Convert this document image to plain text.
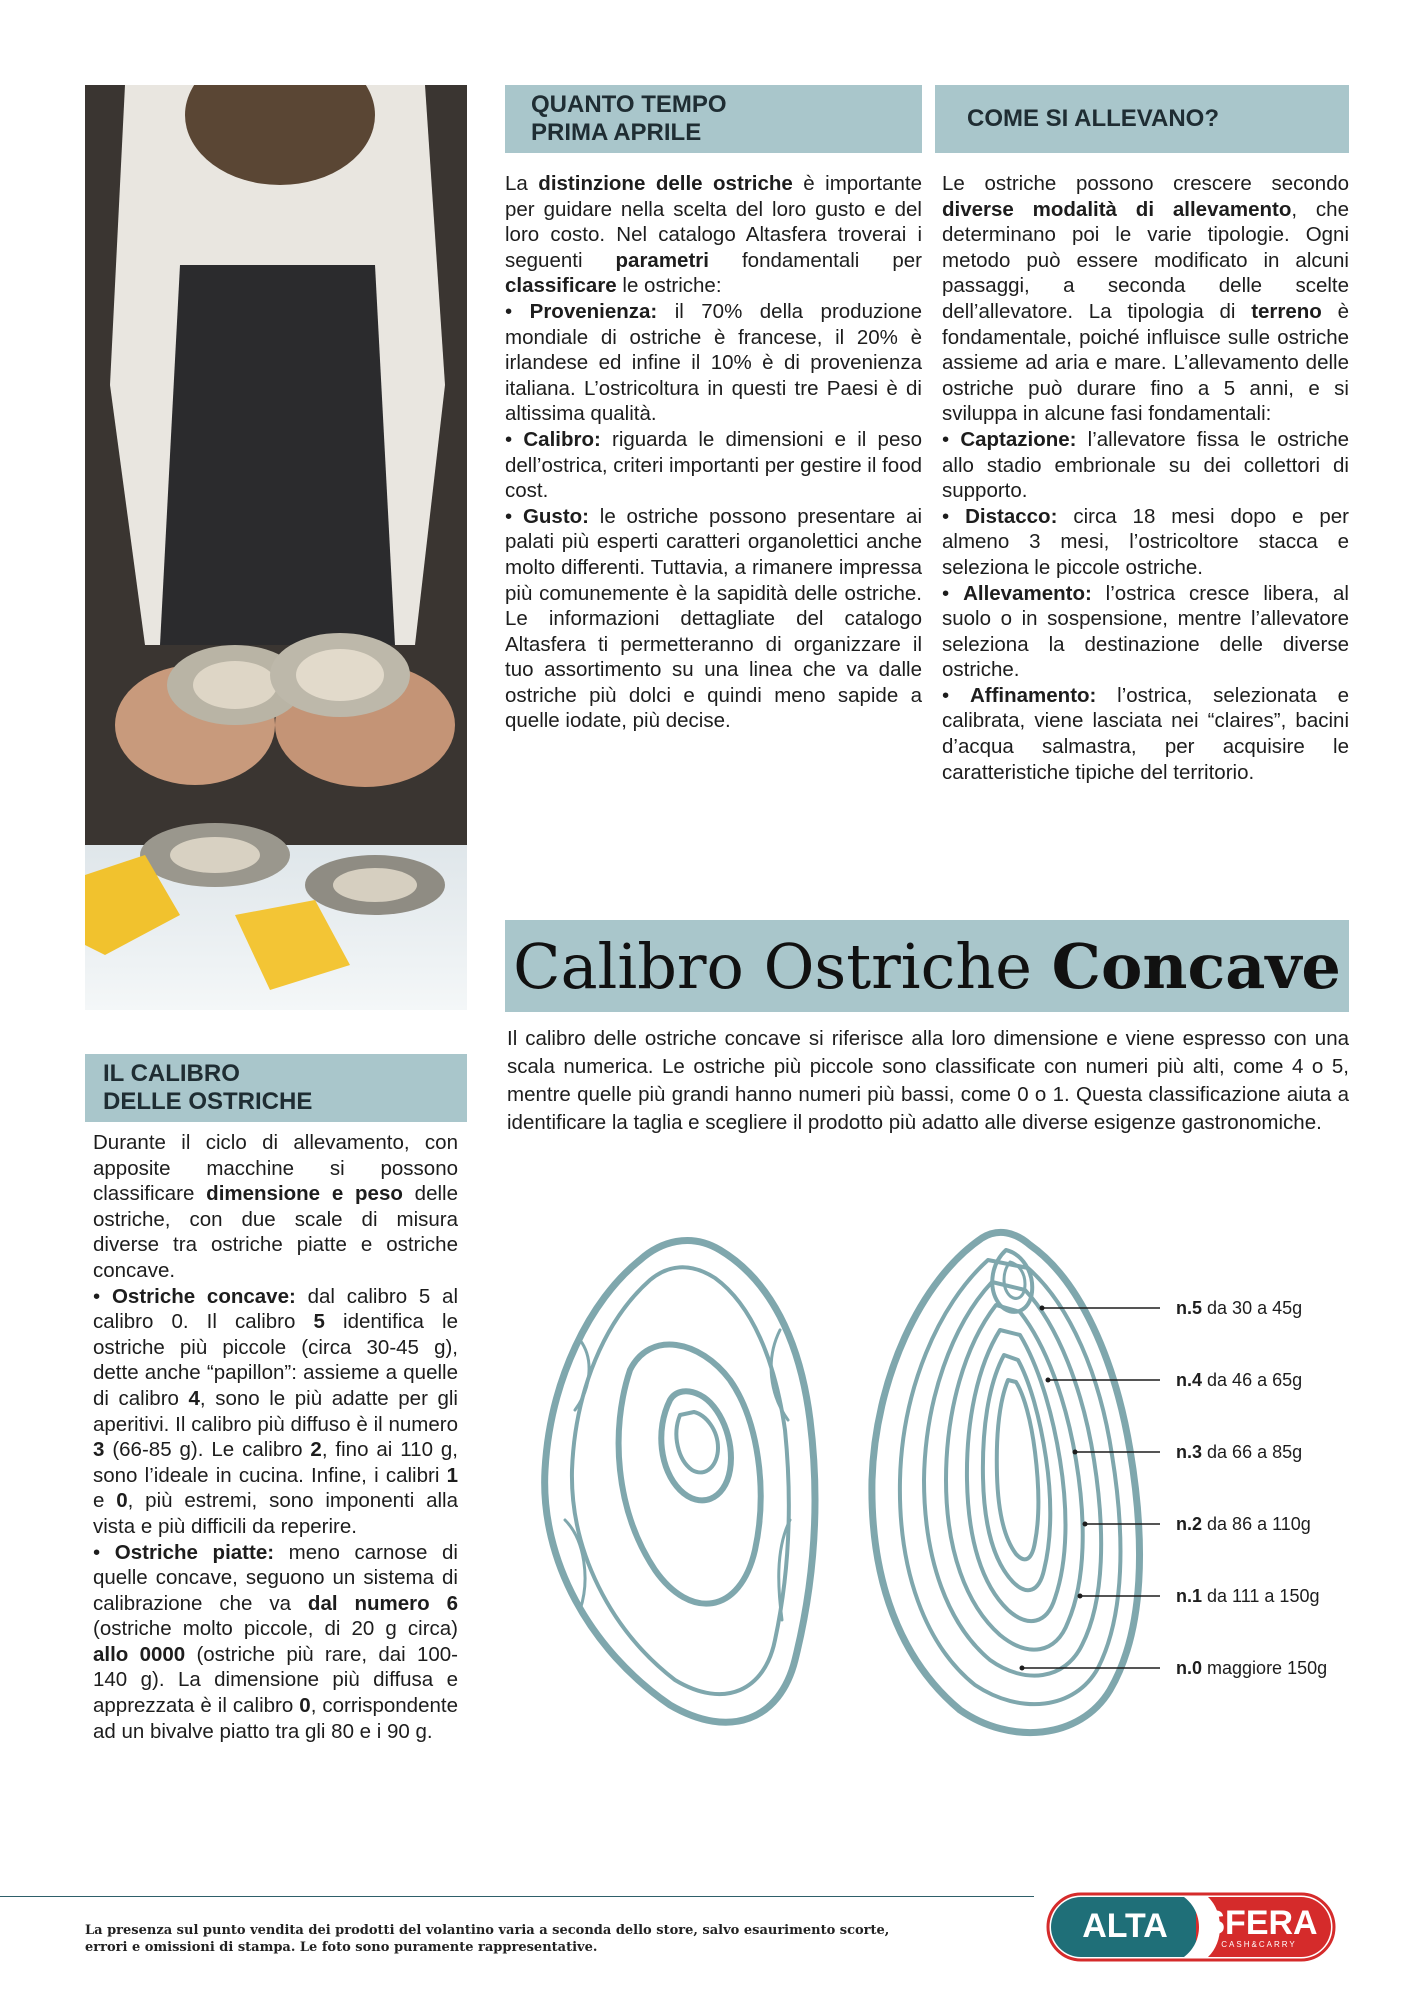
QUANTO TEMPO
PRIMA APRILE
COME SI ALLEVANO?

La distinzione delle ostriche è importante per guidare nella scelta del loro gusto e del loro costo. Nel catalogo Altasfera troverai i seguenti parametri fondamentali per classificare le ostriche:

• Provenienza: il 70% della produzione mondiale di ostriche è francese, il 20% è irlandese ed infine il 10% è di provenienza italiana. L’ostricoltura in questi tre Paesi è di altissima qualità.

• Calibro: riguarda le dimensioni e il peso dell’ostrica, criteri importanti per gestire il food cost.

• Gusto: le ostriche possono presentare ai palati più esperti caratteri organolettici anche molto differenti. Tuttavia, a rimanere impressa più comunemente è la sapidità delle ostriche. Le informazioni dettagliate del catalogo Altasfera ti permetteranno di organizzare il tuo assortimento su una linea che va dalle ostriche più dolci e quindi meno sapide a quelle iodate, più decise.

Le ostriche possono crescere secondo diverse modalità di allevamento, che determinano poi le varie tipologie. Ogni metodo può essere modificato in alcuni passaggi, a seconda delle scelte dell’allevatore. La tipologia di terreno è fondamentale, poiché influisce sulle ostriche assieme ad aria e mare. L’allevamento delle ostriche può durare fino a 5 anni, e si sviluppa in alcune fasi fondamentali:

• Captazione: l’allevatore fissa le ostriche allo stadio embrionale su dei collettori di supporto.

• Distacco: circa 18 mesi dopo e per almeno 3 mesi, l’ostricoltore stacca e seleziona le piccole ostriche.

• Allevamento: l’ostrica cresce libera, al suolo o in sospensione, mentre l’allevatore seleziona la destinazione delle diverse ostriche.

• Affinamento: l’ostrica, selezionata e calibrata, viene lasciata nei “claires”, bacini d’acqua salmastra, per acquisire le caratteristiche tipiche del territorio.

Calibro Ostriche
Concave

Il calibro delle ostriche concave si riferisce alla loro dimensione e viene espresso con una scala numerica. Le ostriche più piccole sono classificate con numeri più alti, come 4 o 5, mentre quelle più grandi hanno numeri più bassi, come 0 o 1. Questa classificazione aiuta a identificare la taglia e scegliere il prodotto più adatto alle diverse esigenze gastronomiche.

IL CALIBRO
DELLE OSTRICHE

Durante il ciclo di allevamento, con apposite macchine si possono classificare dimensione e peso delle ostriche, con due scale di misura diverse tra ostriche piatte e ostriche concave.

• Ostriche concave: dal calibro 5 al calibro 0. Il calibro 5 identifica le ostriche più piccole (circa 30-45 g), dette anche “papillon”: assieme a quelle di calibro 4, sono le più adatte per gli aperitivi. Il calibro più diffuso è il numero 3 (66-85 g). Le calibro 2, fino ai 110 g, sono l’ideale in cucina. Infine, i calibri 1 e 0, più estremi, sono imponenti alla vista e più difficili da reperire.

• Ostriche piatte: meno carnose di quelle concave, seguono un sistema di calibrazione che va dal numero 6 (ostriche molto piccole, di 20 g circa) allo 0000 (ostriche più rare, dai 100-140 g). La dimensione più diffusa e apprezzata è il calibro 0, corrispondente ad un bivalve piatto tra gli 80 e i 90 g.

n.5 da 30 a 45g
n.4 da 46 a 65g
n.3 da 66 a 85g
n.2 da 86 a 110g
n.1 da 111 a 150g
n.0 maggiore 150g
La presenza sul punto vendita dei prodotti del volantino varia a seconda dello store, salvo esaurimento scorte,
errori e omissioni di stampa. Le foto sono puramente rappresentative.
ALTA	SFERA
CASH&CARRY
